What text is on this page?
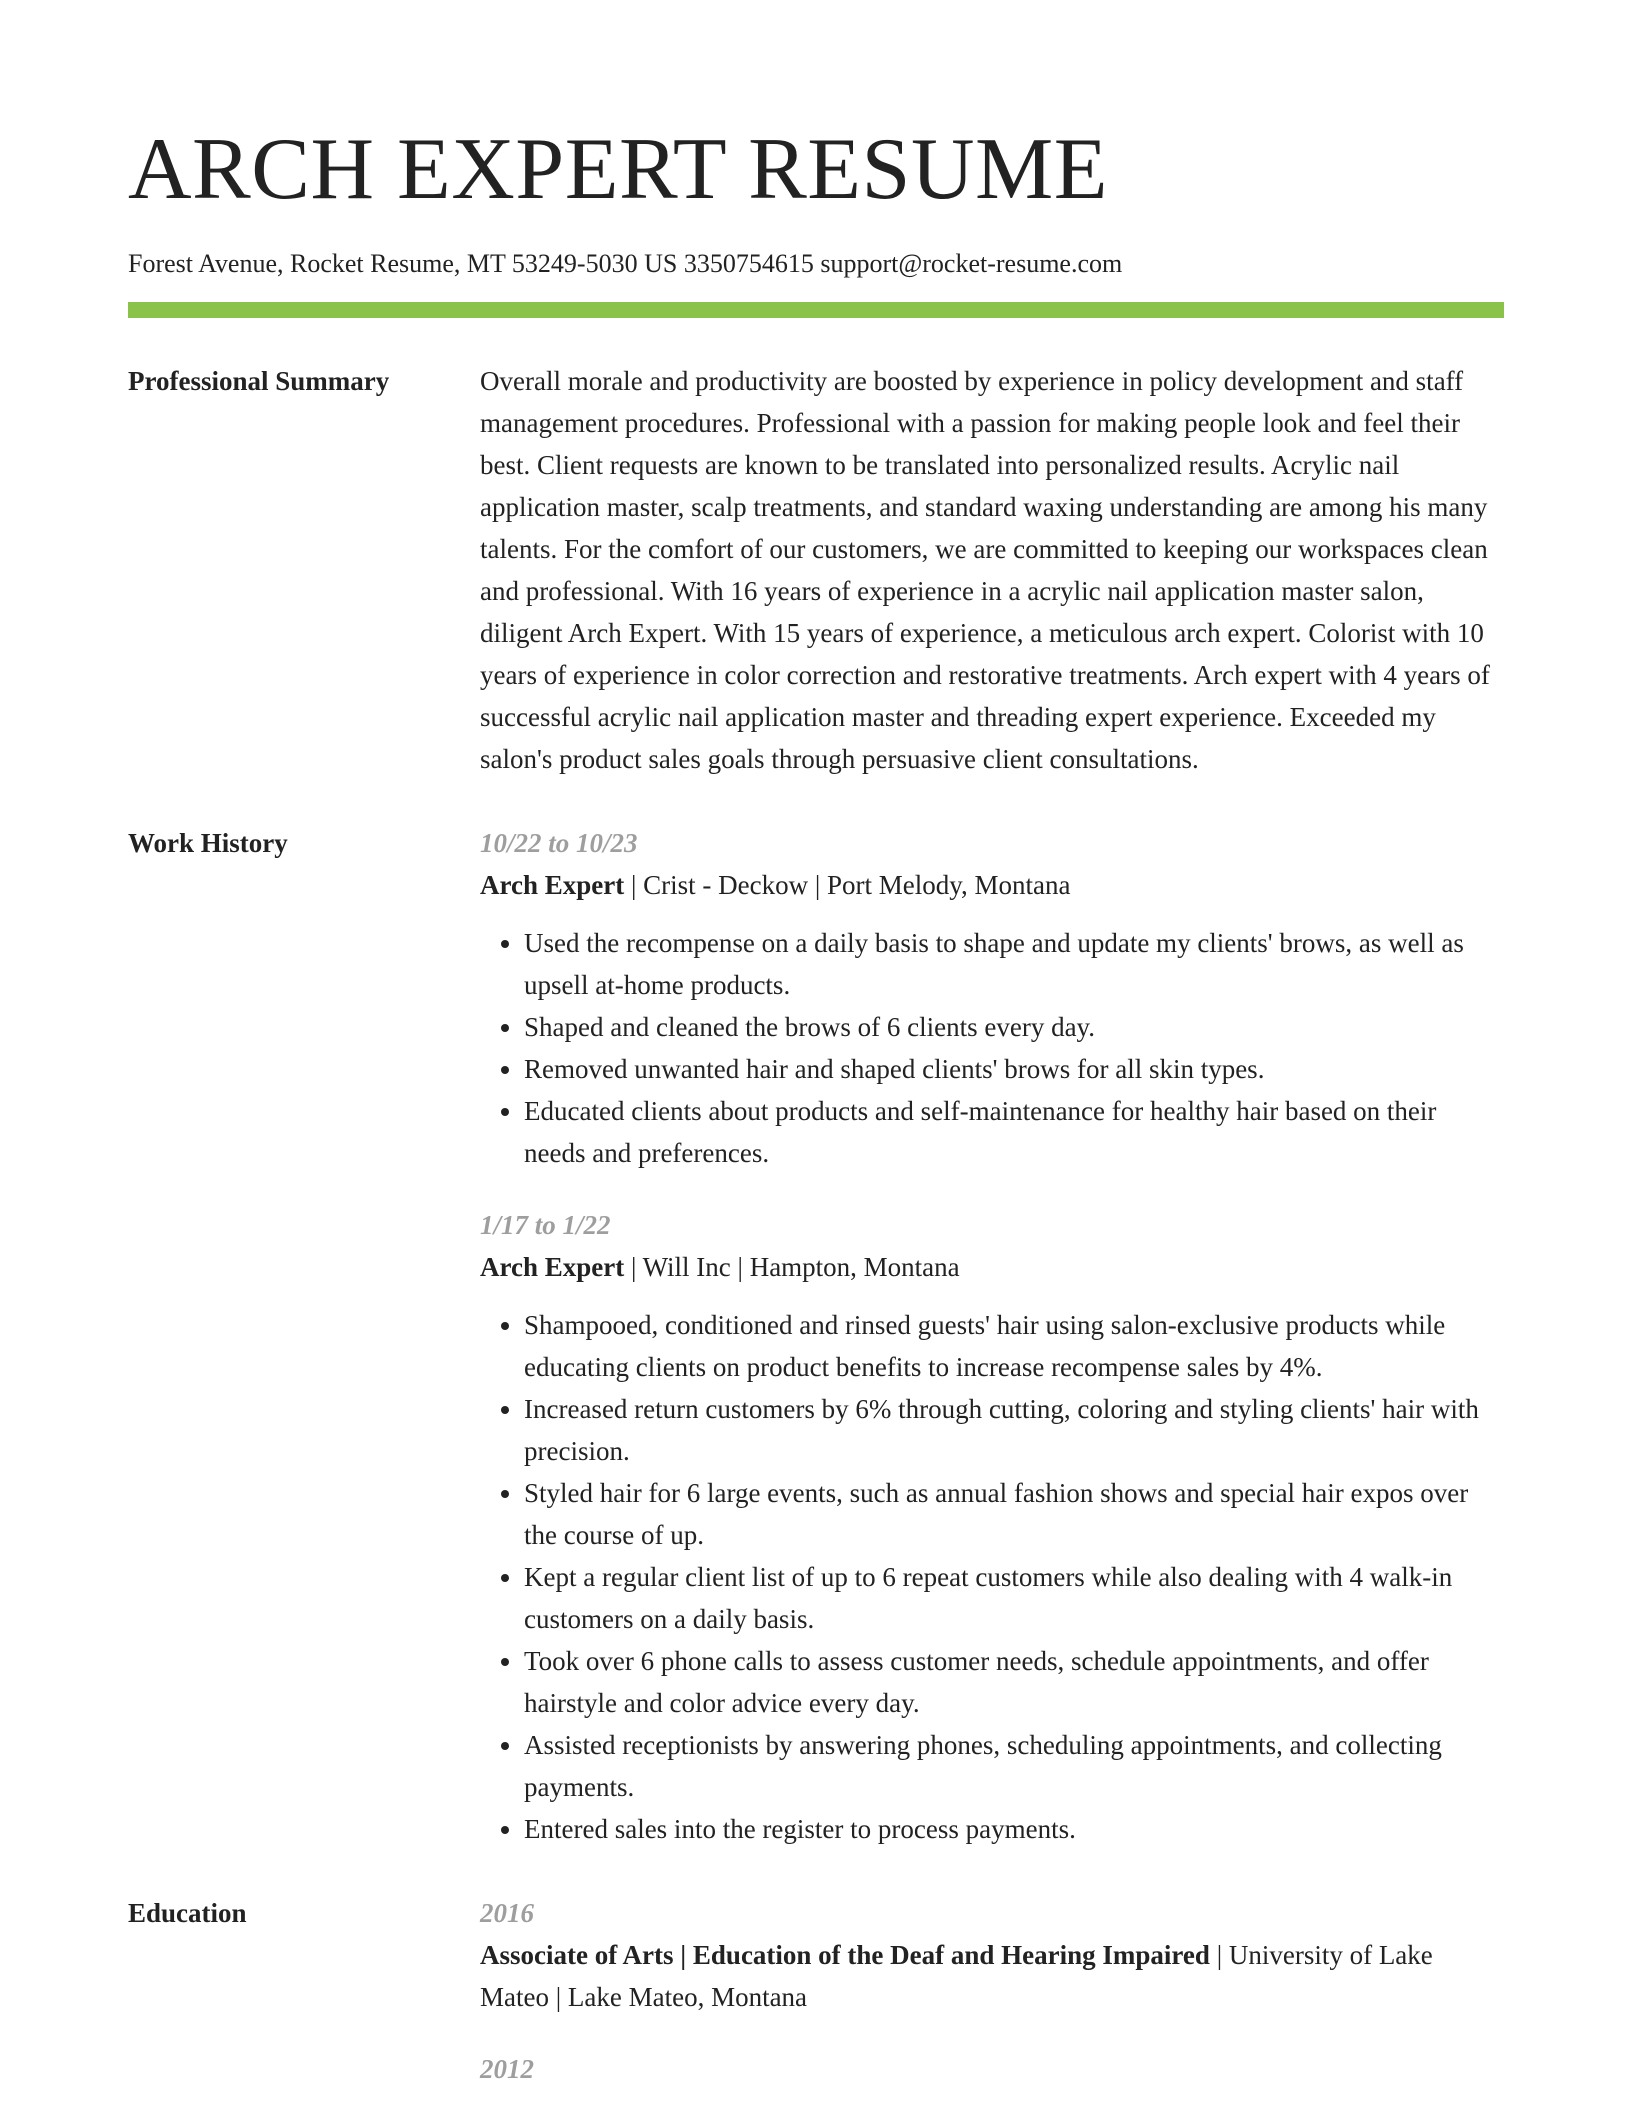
ARCH EXPERT RESUME
Forest Avenue, Rocket Resume, MT 53249-5030 US 3350754615 support@rocket-resume.com
Professional Summary	Overall morale and productivity are boosted by experience in policy development and staff management procedures. Professional with a passion for making people look and feel their best. Client requests are known to be translated into personalized results. Acrylic nail application master, scalp treatments, and standard waxing understanding are among his many talents. For the comfort of our customers, we are committed to keeping our workspaces clean and professional. With 16 years of experience in a acrylic nail application master salon, diligent Arch Expert. With 15 years of experience, a meticulous arch expert. Colorist with 10 years of experience in color correction and restorative treatments. Arch expert with 4 years of successful acrylic nail application master and threading expert experience. Exceeded my salon's product sales goals through persuasive client consultations.

Work History	10/22 to 10/23
Arch Expert | Crist - Deckow | Port Melody, Montana
• Used the recompense on a daily basis to shape and update my clients' brows, as well as upsell at-home products.
• Shaped and cleaned the brows of 6 clients every day.
• Removed unwanted hair and shaped clients' brows for all skin types.
• Educated clients about products and self-maintenance for healthy hair based on their needs and preferences.
1/17 to 1/22
Arch Expert | Will Inc | Hampton, Montana
• Shampooed, conditioned and rinsed guests' hair using salon-exclusive products while educating clients on product benefits to increase recompense sales by 4%.
• Increased return customers by 6% through cutting, coloring and styling clients' hair with precision.
• Styled hair for 6 large events, such as annual fashion shows and special hair expos over the course of up.
• Kept a regular client list of up to 6 repeat customers while also dealing with 4 walk-in customers on a daily basis.
• Took over 6 phone calls to assess customer needs, schedule appointments, and offer hairstyle and color advice every day.
• Assisted receptionists by answering phones, scheduling appointments, and collecting payments.
• Entered sales into the register to process payments.
Education	2016
Associate of Arts | Education of the Deaf and Hearing Impaired | University of Lake Mateo | Lake Mateo, Montana
2012
